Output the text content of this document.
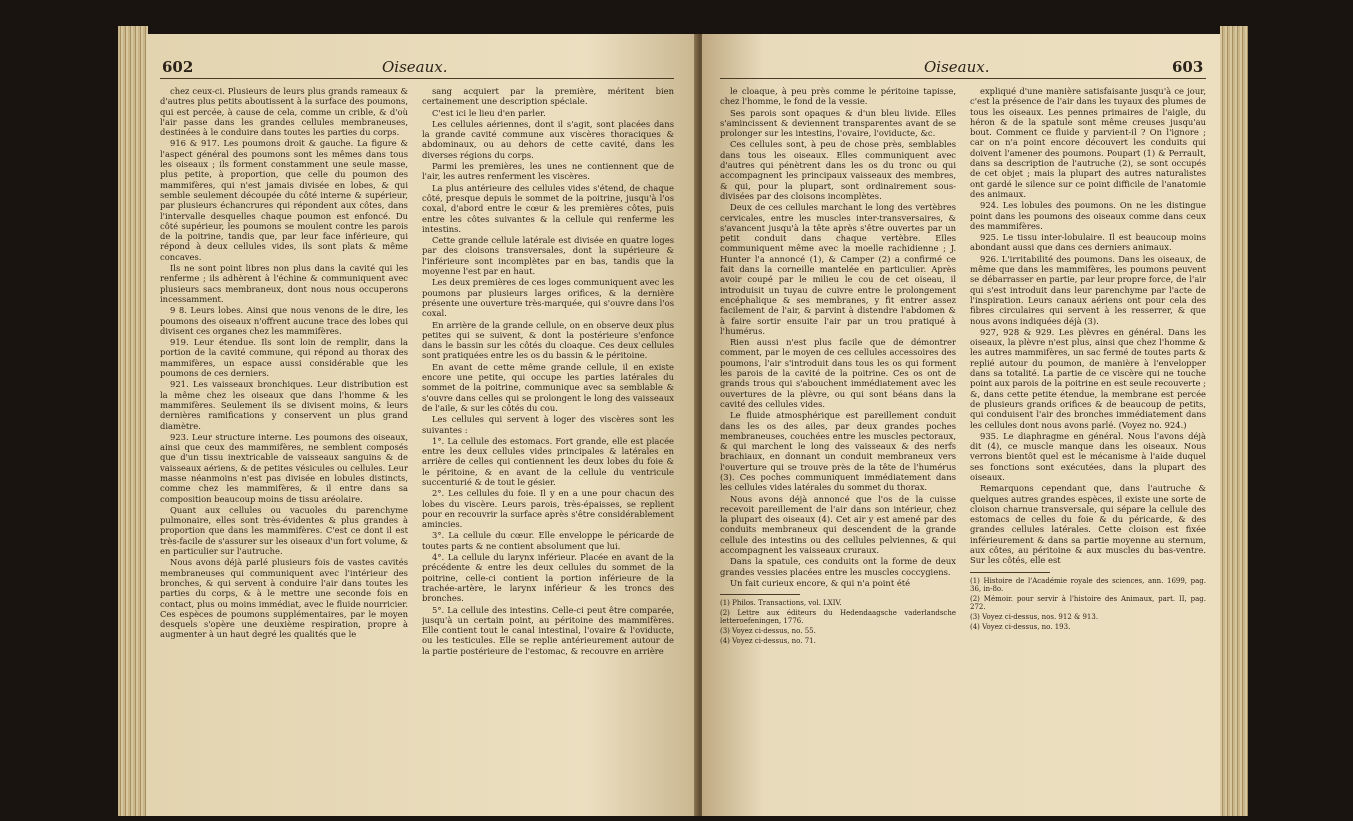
602	Oiseaux.

chez ceux-ci. Plusieurs de leurs plus grands rameaux & d'autres plus petits aboutissent à la surface des poumons, qui est percée, à cause de cela, comme un crible, & d'où l'air passe dans les grandes cellules membraneuses, destinées à le conduire dans toutes les parties du corps.

916 & 917. Les poumons droit & gauche. La figure & l'aspect général des poumons sont les mêmes dans tous les oiseaux ; ils forment constamment une seule masse, plus petite, à proportion, que celle du poumon des mammifères, qui n'est jamais divisée en lobes, & qui semble seulement découpée du côté interne & supérieur, par plusieurs échancrures qui répondent aux côtes, dans l'intervalle desquelles chaque poumon est enfoncé. Du côté supérieur, les poumons se moulent contre les parois de la poitrine, tandis que, par leur face inférieure, qui répond à deux cellules vides, ils sont plats & même concaves.

Ils ne sont point libres non plus dans la cavité qui les renferme ; ils adhèrent à l'échine & communiquent avec plusieurs sacs membraneux, dont nous nous occuperons incessamment.

9 8. Leurs lobes. Ainsi que nous venons de le dire, les poumons des oiseaux n'offrent aucune trace des lobes qui divisent ces organes chez les mammifères.

919. Leur étendue. Ils sont loin de remplir, dans la portion de la cavité commune, qui répond au thorax des mammifères, un espace aussi considérable que les poumons de ces derniers.

921. Les vaisseaux bronchiques. Leur distribution est la même chez les oiseaux que dans l'homme & les mammifères. Seulement ils se divisent moins, & leurs dernières ramifications y conservent un plus grand diamètre.

923. Leur structure interne. Les poumons des oiseaux, ainsi que ceux des mammifères, ne semblent composés que d'un tissu inextricable de vaisseaux sanguins & de vaisseaux aériens, & de petites vésicules ou cellules. Leur masse néanmoins n'est pas divisée en lobules distincts, comme chez les mammifères, & il entre dans sa composition beaucoup moins de tissu aréolaire.

Quant aux cellules ou vacuoles du parenchyme pulmonaire, elles sont très-évidentes & plus grandes à proportion que dans les mammifères. C'est ce dont il est très-facile de s'assurer sur les oiseaux d'un fort volume, & en particulier sur l'autruche.

Nous avons déjà parlé plusieurs fois de vastes cavités membraneuses qui communiquent avec l'intérieur des bronches, & qui servent à conduire l'air dans toutes les parties du corps, & à le mettre une seconde fois en contact, plus ou moins immédiat, avec le fluide nourricier. Ces espèces de poumons supplémentaires, par le moyen desquels s'opère une deuxième respiration, propre à augmenter à un haut degré les qualités que le

sang acquiert par la première, méritent bien certainement une description spéciale.

C'est ici le lieu d'en parler.

Les cellules aériennes, dont il s'agit, sont placées dans la grande cavité commune aux viscères thoraciques & abdominaux, ou au dehors de cette cavité, dans les diverses régions du corps.

Parmi les premières, les unes ne contiennent que de l'air, les autres renferment les viscères.

La plus antérieure des cellules vides s'étend, de chaque côté, presque depuis le sommet de la poitrine, jusqu'à l'os coxal, d'abord entre le cœur & les premières côtes, puis entre les côtes suivantes & la cellule qui renferme les intestins.

Cette grande cellule latérale est divisée en quatre loges par des cloisons transversales, dont la supérieure & l'inférieure sont incomplètes par en bas, tandis que la moyenne l'est par en haut.

Les deux premières de ces loges communiquent avec les poumons par plusieurs larges orifices, & la dernière présente une ouverture très-marquée, qui s'ouvre dans l'os coxal.

En arrière de la grande cellule, on en observe deux plus petites qui se suivent, & dont la postérieure s'enfonce dans le bassin sur les côtés du cloaque. Ces deux cellules sont pratiquées entre les os du bassin & le péritoine.

En avant de cette même grande cellule, il en existe encore une petite, qui occupe les parties latérales du sommet de la poitrine, communique avec sa semblable & s'ouvre dans celles qui se prolongent le long des vaisseaux de l'aile, & sur les côtés du cou.

Les cellules qui servent à loger des viscères sont les suivantes :

1°. La cellule des estomacs. Fort grande, elle est placée entre les deux cellules vides principales & latérales en arrière de celles qui contiennent les deux lobes du foie & le péritoine, & en avant de la cellule du ventricule succenturié & de tout le gésier.

2°. Les cellules du foie. Il y en a une pour chacun des lobes du viscère. Leurs parois, très-épaisses, se replient pour en recouvrir la surface après s'être considérablement amincies.

3°. La cellule du cœur. Elle enveloppe le péricarde de toutes parts & ne contient absolument que lui.

4°. La cellule du larynx inférieur. Placée en avant de la précédente & entre les deux cellules du sommet de la poitrine, celle-ci contient la portion inférieure de la trachée-artère, le larynx inférieur & les troncs des bronches.

5°. La cellule des intestins. Celle-ci peut être comparée, jusqu'à un certain point, au péritoine des mammifères. Elle contient tout le canal intestinal, l'ovaire & l'oviducte, ou les testicules. Elle se replie antérieurement autour de la partie postérieure de l'estomac, & recouvre en arrière

Oiseaux.	603

le cloaque, à peu près comme le péritoine tapisse, chez l'homme, le fond de la vessie.

Ses parois sont opaques & d'un bleu livide. Elles s'amincissent & deviennent transparentes avant de se prolonger sur les intestins, l'ovaire, l'oviducte, &c.

Ces cellules sont, à peu de chose près, semblables dans tous les oiseaux. Elles communiquent avec d'autres qui pénètrent dans les os du tronc ou qui accompagnent les principaux vaisseaux des membres, & qui, pour la plupart, sont ordinairement sous-divisées par des cloisons incomplètes.

Deux de ces cellules marchant le long des vertèbres cervicales, entre les muscles inter-transversaires, & s'avancent jusqu'à la tête après s'être ouvertes par un petit conduit dans chaque vertèbre. Elles communiquent même avec la moelle rachidienne ; J. Hunter l'a annoncé (1), & Camper (2) a confirmé ce fait dans la corneille mantelée en particulier. Après avoir coupé par le milieu le cou de cet oiseau, il introduisit un tuyau de cuivre entre le prolongement encéphalique & ses membranes, y fit entrer assez facilement de l'air, & parvint à distendre l'abdomen & à faire sortir ensuite l'air par un trou pratiqué à l'humérus.

Rien aussi n'est plus facile que de démontrer comment, par le moyen de ces cellules accessoires des poumons, l'air s'introduit dans tous les os qui forment les parois de la cavité de la poitrine. Ces os ont de grands trous qui s'abouchent immédiatement avec les ouvertures de la plèvre, ou qui sont béans dans la cavité des cellules vides.

Le fluide atmosphérique est pareillement conduit dans les os des ailes, par deux grandes poches membraneuses, couchées entre les muscles pectoraux, & qui marchent le long des vaisseaux & des nerfs brachiaux, en donnant un conduit membraneux vers l'ouverture qui se trouve près de la tête de l'humérus (3). Ces poches communiquent immédiatement dans les cellules vides latérales du sommet du thorax.

Nous avons déjà annoncé que l'os de la cuisse recevoit pareillement de l'air dans son intérieur, chez la plupart des oiseaux (4). Cet air y est amené par des conduits membraneux qui descendent de la grande cellule des intestins ou des cellules pelviennes, & qui accompagnent les vaisseaux cruraux.

Dans la spatule, ces conduits ont la forme de deux grandes vessies placées entre les muscles coccygiens.

Un fait curieux encore, & qui n'a point été

(1) Philos. Transactions, vol. LXIV.

(2) Lettre aux éditeurs du Hedendaagsche vaderlandsche letteroefeningen, 1776.

(3) Voyez ci-dessus, no. 55.

(4) Voyez ci-dessus, no. 71.

expliqué d'une manière satisfaisante jusqu'à ce jour, c'est la présence de l'air dans les tuyaux des plumes de tous les oiseaux. Les pennes primaires de l'aigle, du héron & de la spatule sont même creuses jusqu'au bout. Comment ce fluide y parvient-il ? On l'ignore ; car on n'a point encore découvert les conduits qui doivent l'amener des poumons. Poupart (1) & Perrault, dans sa description de l'autruche (2), se sont occupés de cet objet ; mais la plupart des autres naturalistes ont gardé le silence sur ce point difficile de l'anatomie des animaux.

924. Les lobules des poumons. On ne les distingue point dans les poumons des oiseaux comme dans ceux des mammifères.

925. Le tissu inter-lobulaire. Il est beaucoup moins abondant aussi que dans ces derniers animaux.

926. L'irritabilité des poumons. Dans les oiseaux, de même que dans les mammifères, les poumons peuvent se débarrasser en partie, par leur propre force, de l'air qui s'est introduit dans leur parenchyme par l'acte de l'inspiration. Leurs canaux aériens ont pour cela des fibres circulaires qui servent à les resserrer, & que nous avons indiquées déjà (3).

927, 928 & 929. Les plèvres en général. Dans les oiseaux, la plèvre n'est plus, ainsi que chez l'homme & les autres mammifères, un sac fermé de toutes parts & replié autour du poumon, de manière à l'envelopper dans sa totalité. La partie de ce viscère qui ne touche point aux parois de la poitrine en est seule recouverte ; &, dans cette petite étendue, la membrane est percée de plusieurs grands orifices & de beaucoup de petits, qui conduisent l'air des bronches immédiatement dans les cellules dont nous avons parlé. (Voyez no. 924.)

935. Le diaphragme en général. Nous l'avons déjà dit (4), ce muscle manque dans les oiseaux. Nous verrons bientôt quel est le mécanisme à l'aide duquel ses fonctions sont exécutées, dans la plupart des oiseaux.

Remarquons cependant que, dans l'autruche & quelques autres grandes espèces, il existe une sorte de cloison charnue transversale, qui sépare la cellule des estomacs de celles du foie & du péricarde, & des grandes cellules latérales. Cette cloison est fixée inférieurement & dans sa partie moyenne au sternum, aux côtes, au péritoine & aux muscles du bas-ventre. Sur les côtés, elle est

(1) Histoire de l'Académie royale des sciences, ann. 1699, pag. 36, in-8o.

(2) Mémoir. pour servir à l'histoire des Animaux, part. II, pag. 272.

(3) Voyez ci-dessus, nos. 912 & 913.

(4) Voyez ci-dessus, no. 193.
